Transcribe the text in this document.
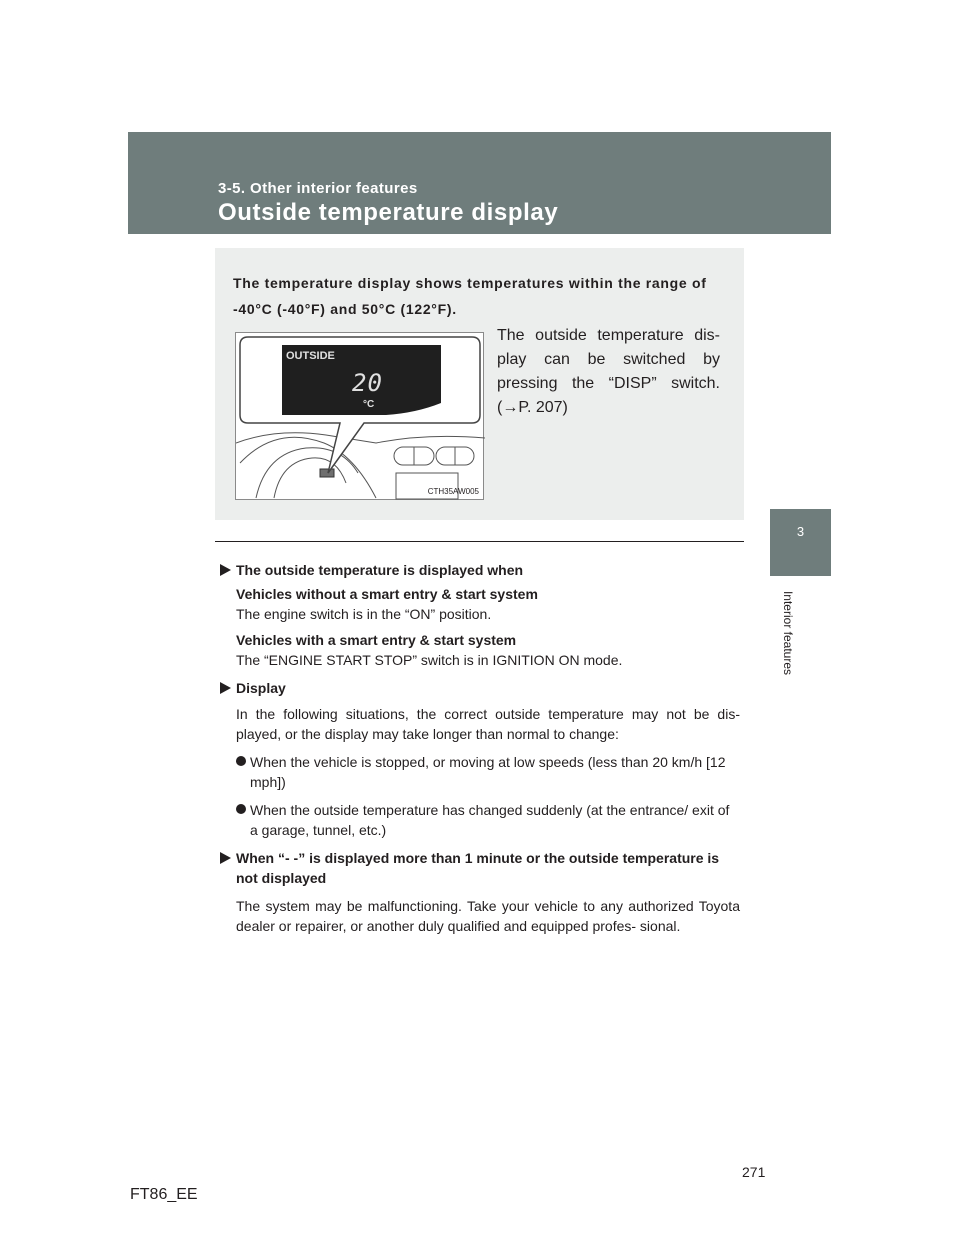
3-5. Other interior features
Outside temperature display
3
Interior features
The temperature display shows temperatures within the range of -40°C (-40°F) and 50°C (122°F).
OUTSIDE
20
°C
CTH35AW005
The outside temperature dis- play can be switched by pressing the “DISP” switch. (→P. 207)
The outside temperature is displayed when
Vehicles without a smart entry & start system
The engine switch is in the “ON” position.
Vehicles with a smart entry & start system
The “ENGINE START STOP” switch is in IGNITION ON mode.
Display
In the following situations, the correct outside temperature may not be dis- played, or the display may take longer than normal to change:
When the vehicle is stopped, or moving at low speeds (less than 20 km/h [12 mph])
When the outside temperature has changed suddenly (at the entrance/ exit of a garage, tunnel, etc.)
When “- -” is displayed more than 1 minute or the outside temperature is not displayed
The system may be malfunctioning. Take your vehicle to any authorized Toyota dealer or repairer, or another duly qualified and equipped profes- sional.
271
FT86_EE
